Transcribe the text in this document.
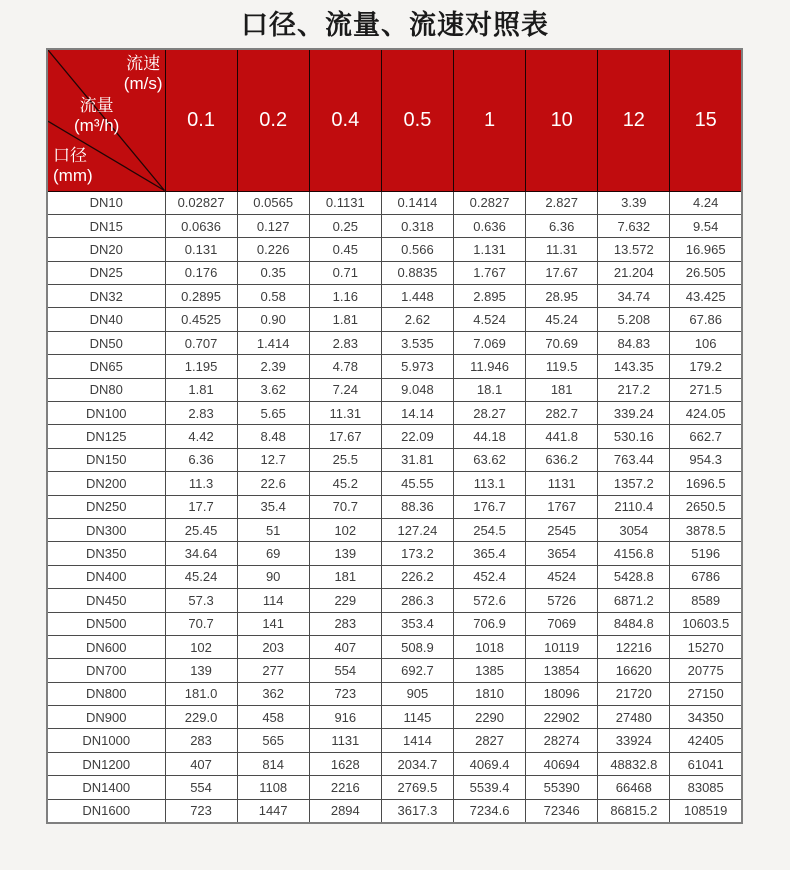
口径、流量、流速对照表
流速
(m/s)
流量
(m³/h)
口径
(mm)
	0.1	0.2	0.4	0.5	1	10	12	15
DN10	0.02827	0.0565	0.1131	0.1414	0.2827	2.827	3.39	4.24
DN15	0.0636	0.127	0.25	0.318	0.636	6.36	7.632	9.54
DN20	0.131	0.226	0.45	0.566	1.131	11.31	13.572	16.965
DN25	0.176	0.35	0.71	0.8835	1.767	17.67	21.204	26.505
DN32	0.2895	0.58	1.16	1.448	2.895	28.95	34.74	43.425
DN40	0.4525	0.90	1.81	2.62	4.524	45.24	5.208	67.86
DN50	0.707	1.414	2.83	3.535	7.069	70.69	84.83	106
DN65	1.195	2.39	4.78	5.973	11.946	119.5	143.35	179.2
DN80	1.81	3.62	7.24	9.048	18.1	181	217.2	271.5
DN100	2.83	5.65	11.31	14.14	28.27	282.7	339.24	424.05
DN125	4.42	8.48	17.67	22.09	44.18	441.8	530.16	662.7
DN150	6.36	12.7	25.5	31.81	63.62	636.2	763.44	954.3
DN200	11.3	22.6	45.2	45.55	113.1	1131	1357.2	1696.5
DN250	17.7	35.4	70.7	88.36	176.7	1767	2110.4	2650.5
DN300	25.45	51	102	127.24	254.5	2545	3054	3878.5
DN350	34.64	69	139	173.2	365.4	3654	4156.8	5196
DN400	45.24	90	181	226.2	452.4	4524	5428.8	6786
DN450	57.3	114	229	286.3	572.6	5726	6871.2	8589
DN500	70.7	141	283	353.4	706.9	7069	8484.8	10603.5
DN600	102	203	407	508.9	1018	10119	12216	15270
DN700	139	277	554	692.7	1385	13854	16620	20775
DN800	181.0	362	723	905	1810	18096	21720	27150
DN900	229.0	458	916	1145	2290	22902	27480	34350
DN1000	283	565	1131	1414	2827	28274	33924	42405
DN1200	407	814	1628	2034.7	4069.4	40694	48832.8	61041
DN1400	554	1108	2216	2769.5	5539.4	55390	66468	83085
DN1600	723	1447	2894	3617.3	7234.6	72346	86815.2	108519
